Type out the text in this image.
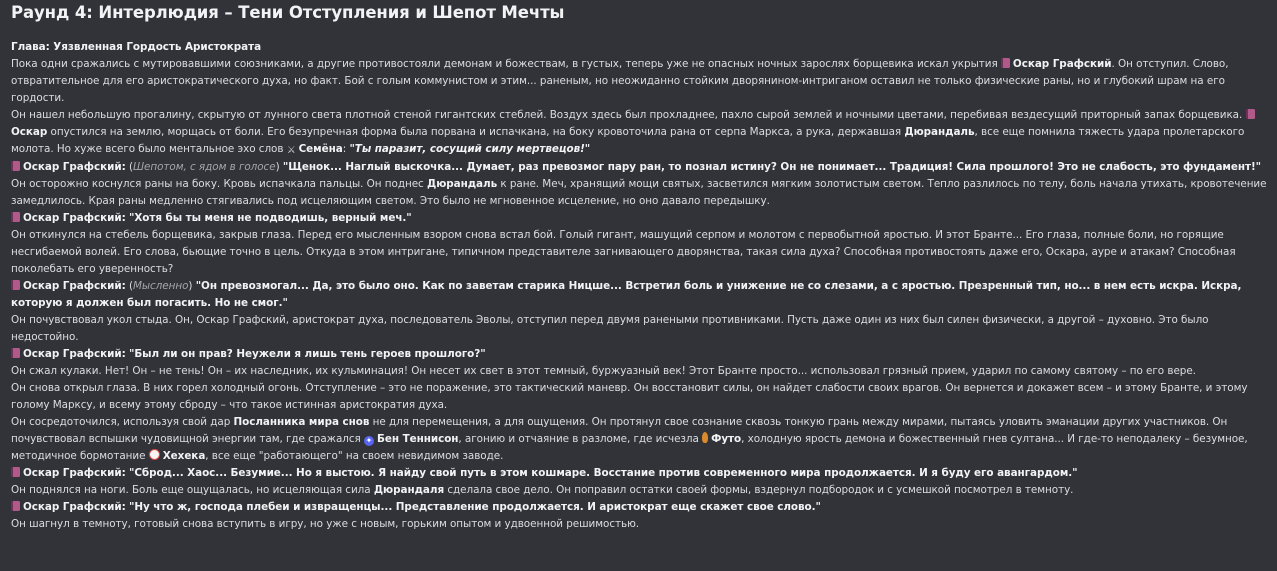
Раунд 4: Интерлюдия – Тени Отступления и Шепот Мечты

Глава: Уязвленная Гордость Аристократа

Пока одни сражались с мутировавшими союзниками, а другие противостояли демонам и божествам, в густых, теперь уже не опасных ночных зарослях борщевика искал укрытия Оскар Графский. Он отступил. Слово, отвратительное для его аристократического духа, но факт. Бой с голым коммунистом и этим... раненым, но неожиданно стойким дворянином-интриганом оставил не только физические раны, но и глубокий шрам на его гордости.

Он нашел небольшую прогалину, скрытую от лунного света плотной стеной гигантских стеблей. Воздух здесь был прохладнее, пахло сырой землей и ночными цветами, перебивая вездесущий приторный запах борщевика. Оскар опустился на землю, морщась от боли. Его безупречная форма была порвана и испачкана, на боку кровоточила рана от серпа Маркса, а рука, державшая Дюрандаль, все еще помнила тяжесть удара пролетарского молота. Но хуже всего было ментальное эхо слов ⚔ Семёна: "Ты паразит, сосущий силу мертвецов!"

Оскар Графский: (Шепотом, с ядом в голосе) "Щенок... Наглый выскочка... Думает, раз превозмог пару ран, то познал истину? Он не понимает... Традиция! Сила прошлого! Это не слабость, это фундамент!"

Он осторожно коснулся раны на боку. Кровь испачкала пальцы. Он поднес Дюрандаль к ране. Меч, хранящий мощи святых, засветился мягким золотистым светом. Тепло разлилось по телу, боль начала утихать, кровотечение замедлилось. Края раны медленно стягивались под исцеляющим светом. Это было не мгновенное исцеление, но оно давало передышку.

Оскар Графский: "Хотя бы ты меня не подводишь, верный меч."

Он откинулся на стебель борщевика, закрыв глаза. Перед его мысленным взором снова встал бой. Голый гигант, машущий серпом и молотом с первобытной яростью. И этот Бранте... Его глаза, полные боли, но горящие несгибаемой волей. Его слова, бьющие точно в цель. Откуда в этом интригане, типичном представителе загнивающего дворянства, такая сила духа? Способная противостоять даже его, Оскара, ауре и атакам? Способная поколебать его уверенность?

Оскар Графский: (Мысленно) "Он превозмогал... Да, это было оно. Как по заветам старика Ницше... Встретил боль и унижение не со слезами, а с яростью. Презренный тип, но... в нем есть искра. Искра, которую я должен был погасить. Но не смог."

Он почувствовал укол стыда. Он, Оскар Графский, аристократ духа, последователь Эволы, отступил перед двумя ранеными противниками. Пусть даже один из них был силен физически, а другой – духовно. Это было недостойно.

Оскар Графский: "Был ли он прав? Неужели я лишь тень героев прошлого?"

Он сжал кулаки. Нет! Он – не тень! Он – их наследник, их кульминация! Он несет их свет в этот темный, буржуазный век! Этот Бранте просто... использовал грязный прием, ударил по самому святому – по его вере.

Он снова открыл глаза. В них горел холодный огонь. Отступление – это не поражение, это тактический маневр. Он восстановит силы, он найдет слабости своих врагов. Он вернется и докажет всем – и этому Бранте, и этому голому Марксу, и всему этому сброду – что такое истинная аристократия духа.

Он сосредоточился, используя свой дар Посланника мира снов не для перемещения, а для ощущения. Он протянул свое сознание сквозь тонкую грань между мирами, пытаясь уловить эманации других участников. Он почувствовал вспышки чудовищной энергии там, где сражался ✦ Бен Теннисон, агонию и отчаяние в разломе, где исчезла Футо, холодную ярость демона и божественный гнев султана... И где-то неподалеку – безумное, методичное бормотание Хехека, все еще "работающего" на своем невидимом заводе.

Оскар Графский: "Сброд... Хаос... Безумие... Но я выстою. Я найду свой путь в этом кошмаре. Восстание против современного мира продолжается. И я буду его авангардом."

Он поднялся на ноги. Боль еще ощущалась, но исцеляющая сила Дюрандаля сделала свое дело. Он поправил остатки своей формы, вздернул подбородок и с усмешкой посмотрел в темноту.

Оскар Графский: "Ну что ж, господа плебеи и извращенцы... Представление продолжается. И аристократ еще скажет свое слово."

Он шагнул в темноту, готовый снова вступить в игру, но уже с новым, горьким опытом и удвоенной решимостью.
